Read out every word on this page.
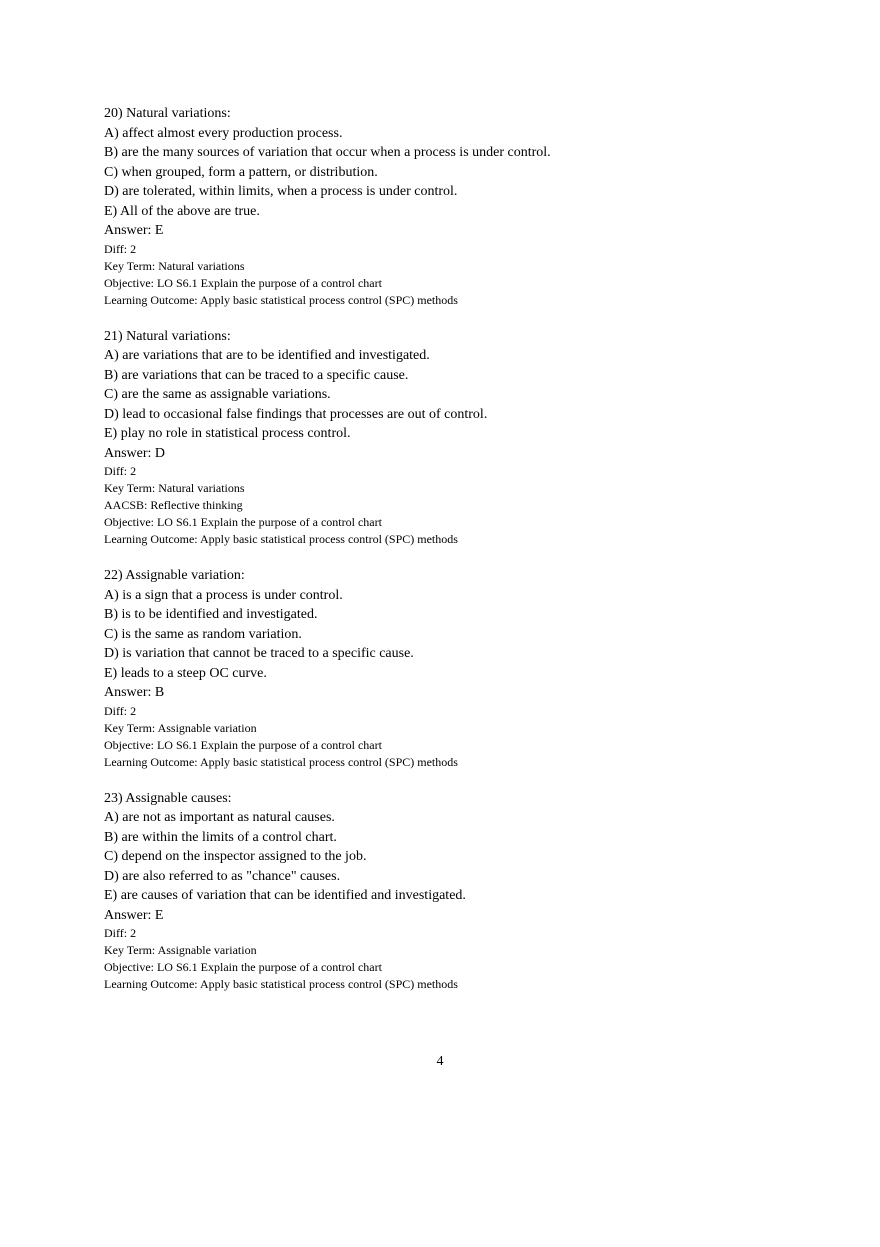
20) Natural variations:
A) affect almost every production process.
B) are the many sources of variation that occur when a process is under control.
C) when grouped, form a pattern, or distribution.
D) are tolerated, within limits, when a process is under control.
E) All of the above are true.
Answer: E
Diff: 2
Key Term: Natural variations
Objective: LO S6.1 Explain the purpose of a control chart
Learning Outcome: Apply basic statistical process control (SPC) methods
21) Natural variations:
A) are variations that are to be identified and investigated.
B) are variations that can be traced to a specific cause.
C) are the same as assignable variations.
D) lead to occasional false findings that processes are out of control.
E) play no role in statistical process control.
Answer: D
Diff: 2
Key Term: Natural variations
AACSB: Reflective thinking
Objective: LO S6.1 Explain the purpose of a control chart
Learning Outcome: Apply basic statistical process control (SPC) methods
22) Assignable variation:
A) is a sign that a process is under control.
B) is to be identified and investigated.
C) is the same as random variation.
D) is variation that cannot be traced to a specific cause.
E) leads to a steep OC curve.
Answer: B
Diff: 2
Key Term: Assignable variation
Objective: LO S6.1 Explain the purpose of a control chart
Learning Outcome: Apply basic statistical process control (SPC) methods
23) Assignable causes:
A) are not as important as natural causes.
B) are within the limits of a control chart.
C) depend on the inspector assigned to the job.
D) are also referred to as "chance" causes.
E) are causes of variation that can be identified and investigated.
Answer: E
Diff: 2
Key Term: Assignable variation
Objective: LO S6.1 Explain the purpose of a control chart
Learning Outcome: Apply basic statistical process control (SPC) methods
4
